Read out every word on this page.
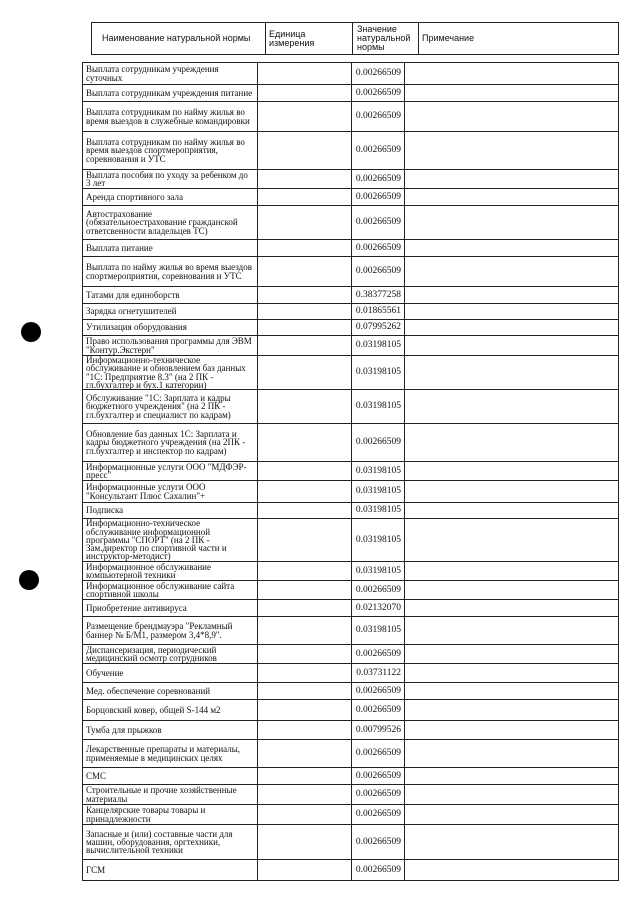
Наименование натуральной нормы	Единица измерения	Значение натуральной нормы	Примечание
Выплата сотрудникам учреждения суточных		0.00266509	
Выплата сотрудникам учреждения питание		0.00266509	
Выплата сотрудникам по найму жилья во время выездов в служебные командировки		0.00266509	
Выплата сотрудникам по найму жилья во время выездов спортмероприятия, соревнования и УТС		0.00266509	
Выплата пособия по уходу за ребенком до 3 лет		0.00266509	
Аренда спортивного зала		0.00266509	
Автострахование (обязательноестрахование гражданской ответсвенности владельцев ТС)		0.00266509	
Выплата питание		0.00266509	
Выплата по найму жилья во время выездов спортмероприятия, соревнования и УТС		0.00266509	
Татами для единоборств		0.38377258	
Зарядка огнетушителей		0.01865561	
Утилизация оборудования		0.07995262	
Право использования программы для ЭВМ "Контур.Экстерн"		0.03198105	
Информационно-техническое обслуживание и обновлением баз данных "1С: Предприятие 8.3" (на 2 ПК - гл.бухгалтер и бух.1 категории)		0.03198105	
Обслуживание "1С: Зарплата и кадры бюджетного учреждения" (на 2 ПК - гл.бухгалтер и специалист по кадрам)		0.03198105	
Обновление баз данных 1С: Зарплата и кадры бюджетного учреждения (на 2ПК - гл.бухгалтер и инспектор по кадрам)		0.00266509	
Информационные услуги ООО "МДФЭР-пресс"		0.03198105	
Информационные услуги ООО "Консультант Плюс Сахалин"+		0.03198105	
Подписка		0.03198105	
Информационно-техническое обслуживание информационной программы "СПОРТ" (на 2 ПК - Зам.директор по спортивной части и инструктор-методист)		0.03198105	
Информационное обслуживание компьютерной техники		0.03198105	
Информационное обслуживание сайта спортивной школы		0.00266509	
Приобретение антивируса		0.02132070	
Размещение брендмауэра "Рекламный баннер № Б/М1, размером 3,4*8,9".		0.03198105	
Диспансеризация, периодический медицинский осмотр сотрудников		0.00266509	
Обучение		0.03731122	
Мед. обеспечение соревнований		0.00266509	
Борцовский ковер, общей S-144 м2		0.00266509	
Тумба для прыжков		0.00799526	
Лекарственные препараты и материалы, применяемые в медицинских целях		0.00266509	
СМС		0.00266509	
Строительные и прочие хозяйственные материалы		0.00266509	
Канцелярские товары товары и принадлежности		0.00266509	
Запасные и (или) составные части для машин, оборудования, оргтехники, вычислительной техники		0.00266509	
ГСМ		0.00266509	
